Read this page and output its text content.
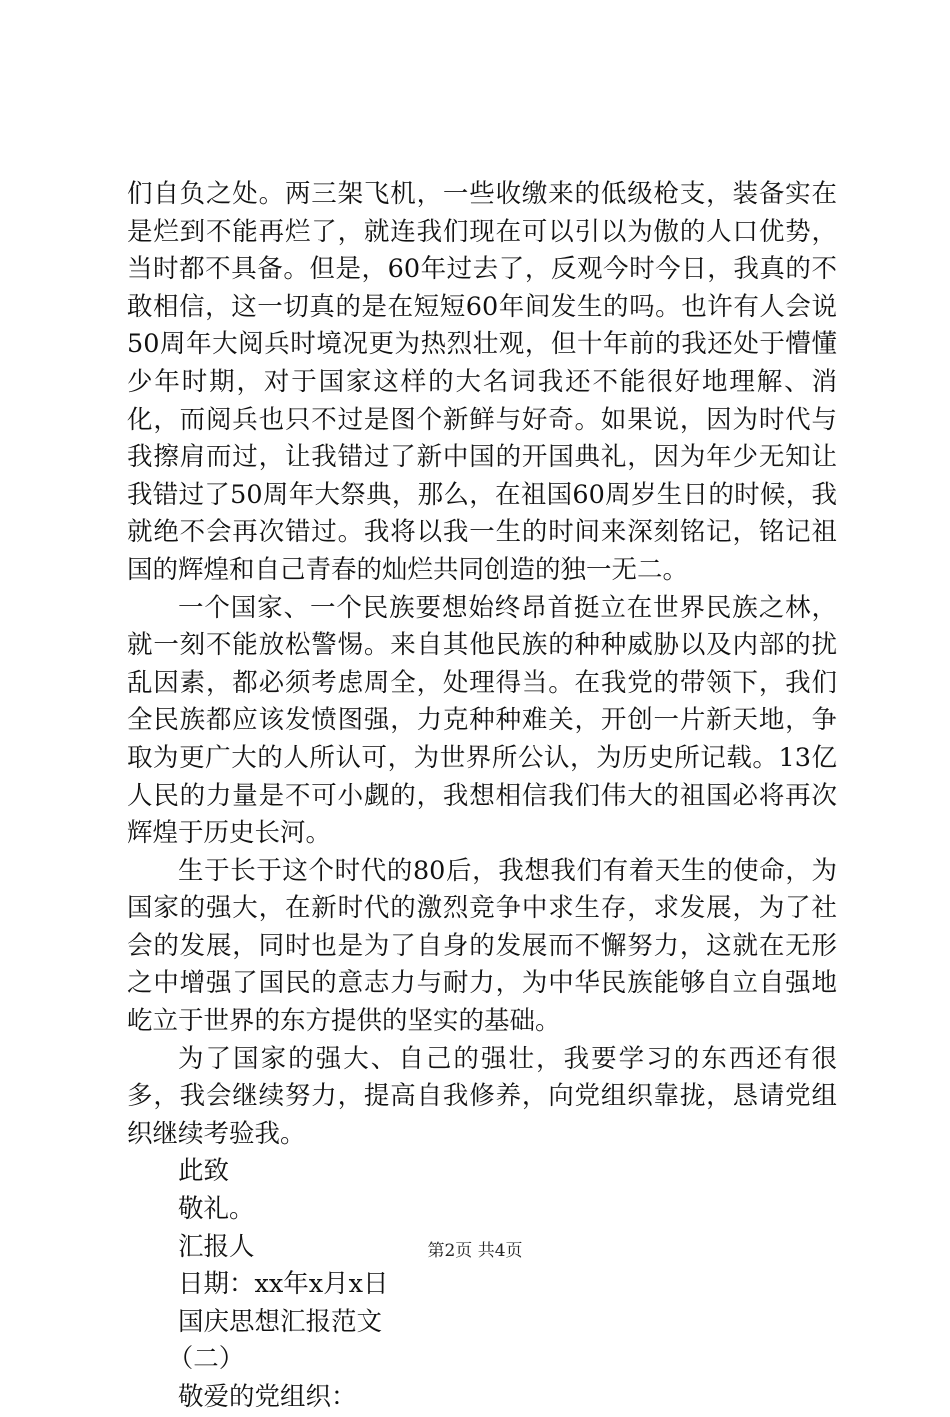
们自负之处。两三架飞机，一些收缴来的低级枪支，装备实在是烂到不能再烂了，就连我们现在可以引以为傲的人口优势，当时都不具备。但是，60年过去了，反观今时今日，我真的不敢相信，这一切真的是在短短60年间发生的吗。也许有人会说50周年大阅兵时境况更为热烈壮观，但十年前的我还处于懵懂少年时期，对于国家这样的大名词我还不能很好地理解、消化，而阅兵也只不过是图个新鲜与好奇。如果说，因为时代与我擦肩而过，让我错过了新中国的开国典礼，因为年少无知让我错过了50周年大祭典，那么，在祖国60周岁生日的时候，我就绝不会再次错过。我将以我一生的时间来深刻铭记，铭记祖国的辉煌和自己青春的灿烂共同创造的独一无二。

一个国家、一个民族要想始终昂首挺立在世界民族之林，就一刻不能放松警惕。来自其他民族的种种威胁以及内部的扰乱因素，都必须考虑周全，处理得当。在我党的带领下，我们全民族都应该发愤图强，力克种种难关，开创一片新天地，争取为更广大的人所认可，为世界所公认，为历史所记载。13亿人民的力量是不可小觑的，我想相信我们伟大的祖国必将再次辉煌于历史长河。

生于长于这个时代的80后，我想我们有着天生的使命，为国家的强大，在新时代的激烈竞争中求生存，求发展，为了社会的发展，同时也是为了自身的发展而不懈努力，这就在无形之中增强了国民的意志力与耐力，为中华民族能够自立自强地屹立于世界的东方提供的坚实的基础。

为了国家的强大、自己的强壮，我要学习的东西还有很多，我会继续努力，提高自我修养，向党组织靠拢，恳请党组织继续考验我。

此致

敬礼。

汇报人

日期：xx年x月x日

国庆思想汇报范文

（二）

敬爱的党组织：

第2页 共4页
